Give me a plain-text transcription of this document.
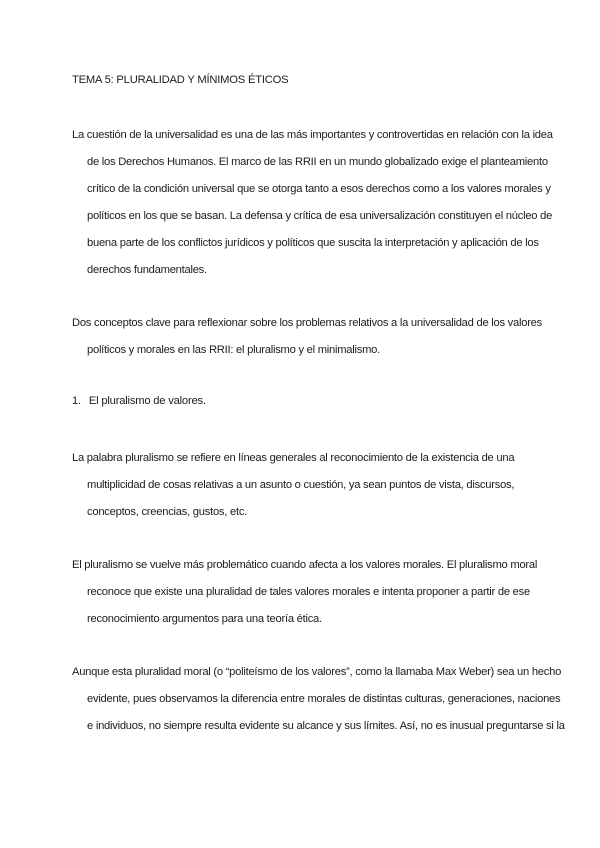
TEMA 5: PLURALIDAD Y MÍNIMOS ÉTICOS
La cuestión de la universalidad es una de las más importantes y controvertidas en relación con la idea
de los Derechos Humanos. El marco de las RRII en un mundo globalizado exige el planteamiento
crítico de la condición universal que se otorga tanto a esos derechos como a los valores morales y
políticos en los que se basan. La defensa y crítica de esa universalización constituyen el núcleo de
buena parte de los conflictos jurídicos y políticos que suscita la interpretación y aplicación de los
derechos fundamentales.
Dos conceptos clave para reflexionar sobre los problemas relativos a la universalidad de los valores
políticos y morales en las RRII: el pluralismo y el minimalismo.
1. El pluralismo de valores.
La palabra pluralismo se refiere en líneas generales al reconocimiento de la existencia de una
multiplicidad de cosas relativas a un asunto o cuestión, ya sean puntos de vista, discursos,
conceptos, creencias, gustos, etc.
El pluralismo se vuelve más problemático cuando afecta a los valores morales. El pluralismo moral
reconoce que existe una pluralidad de tales valores morales e intenta proponer a partir de ese
reconocimiento argumentos para una teoría ética.
Aunque esta pluralidad moral (o “politeísmo de los valores”, como la llamaba Max Weber) sea un hecho
evidente, pues observamos la diferencia entre morales de distintas culturas, generaciones, naciones
e individuos, no siempre resulta evidente su alcance y sus límites. Así, no es inusual preguntarse si la
